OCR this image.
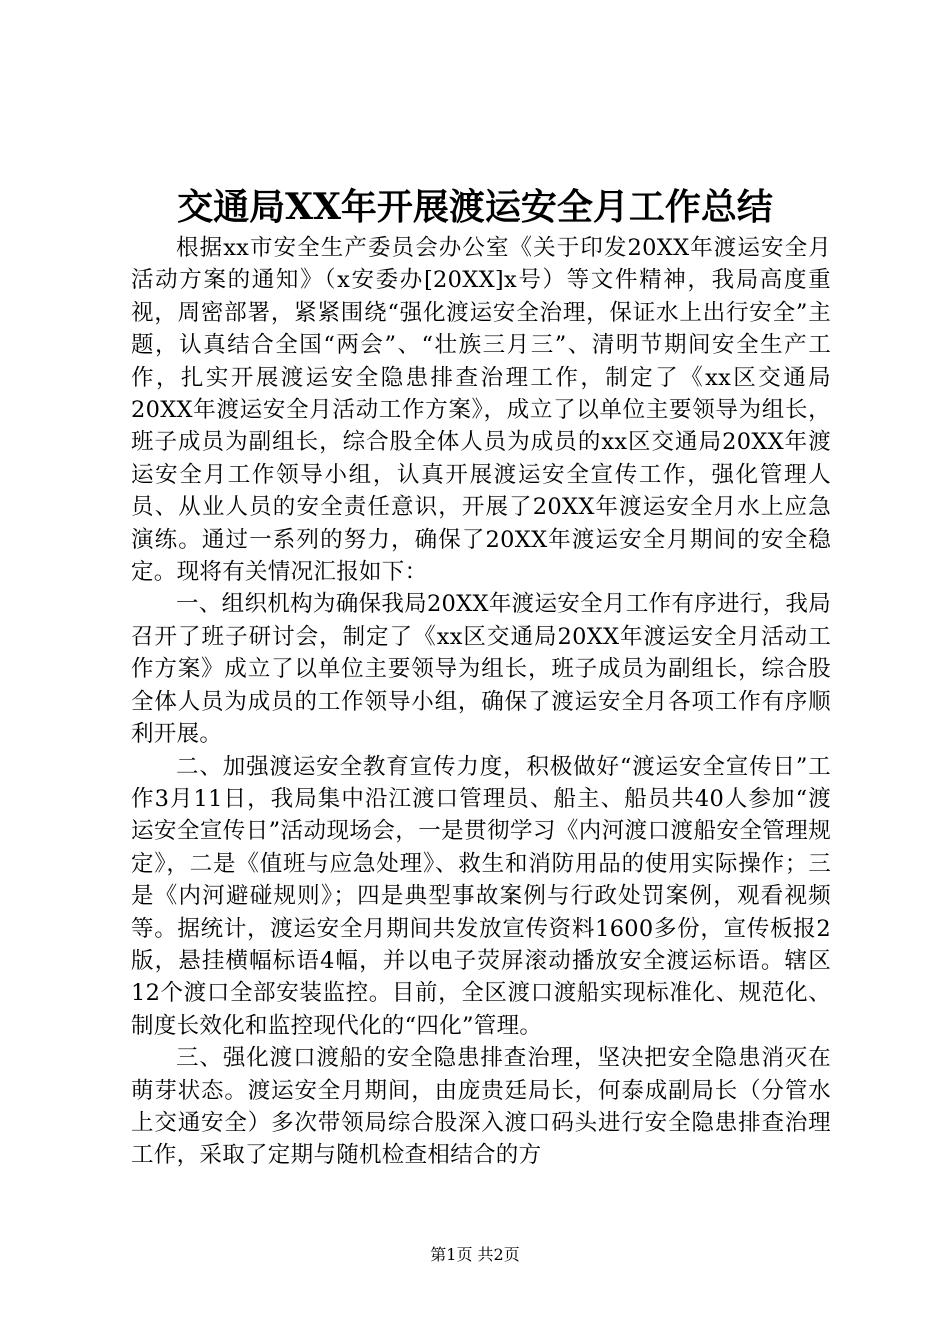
交通局XX年开展渡运安全月工作总结

根据xx市安全生产委员会办公室《关于印发20XX年渡运安全月活动方案的通知》（x安委办[20XX]x号）等文件精神，我局高度重视，周密部署，紧紧围绕“强化渡运安全治理，保证水上出行安全”主题，认真结合全国“两会”、“壮族三月三”、清明节期间安全生产工作，扎实开展渡运安全隐患排查治理工作，制定了《xx区交通局20XX年渡运安全月活动工作方案》，成立了以单位主要领导为组长，班子成员为副组长，综合股全体人员为成员的xx区交通局20XX年渡运安全月工作领导小组，认真开展渡运安全宣传工作，强化管理人员、从业人员的安全责任意识，开展了20XX年渡运安全月水上应急演练。通过一系列的努力，确保了20XX年渡运安全月期间的安全稳定。现将有关情况汇报如下：

一、组织机构为确保我局20XX年渡运安全月工作有序进行，我局召开了班子研讨会，制定了《xx区交通局20XX年渡运安全月活动工作方案》成立了以单位主要领导为组长，班子成员为副组长，综合股全体人员为成员的工作领导小组，确保了渡运安全月各项工作有序顺利开展。

二、加强渡运安全教育宣传力度，积极做好“渡运安全宣传日”工作3月11日，我局集中沿江渡口管理员、船主、船员共40人参加“渡运安全宣传日”活动现场会，一是贯彻学习《内河渡口渡船安全管理规定》，二是《值班与应急处理》、救生和消防用品的使用实际操作；三是《内河避碰规则》；四是典型事故案例与行政处罚案例，观看视频等。据统计，渡运安全月期间共发放宣传资料1600多份，宣传板报2版，悬挂横幅标语4幅，并以电子荧屏滚动播放安全渡运标语。辖区12个渡口全部安装监控。目前，全区渡口渡船实现标准化、规范化、制度长效化和监控现代化的“四化”管理。

三、强化渡口渡船的安全隐患排查治理，坚决把安全隐患消灭在萌芽状态。渡运安全月期间，由庞贵廷局长，何泰成副局长（分管水上交通安全）多次带领局综合股深入渡口码头进行安全隐患排查治理工作，采取了定期与随机检查相结合的方

第1页 共2页
